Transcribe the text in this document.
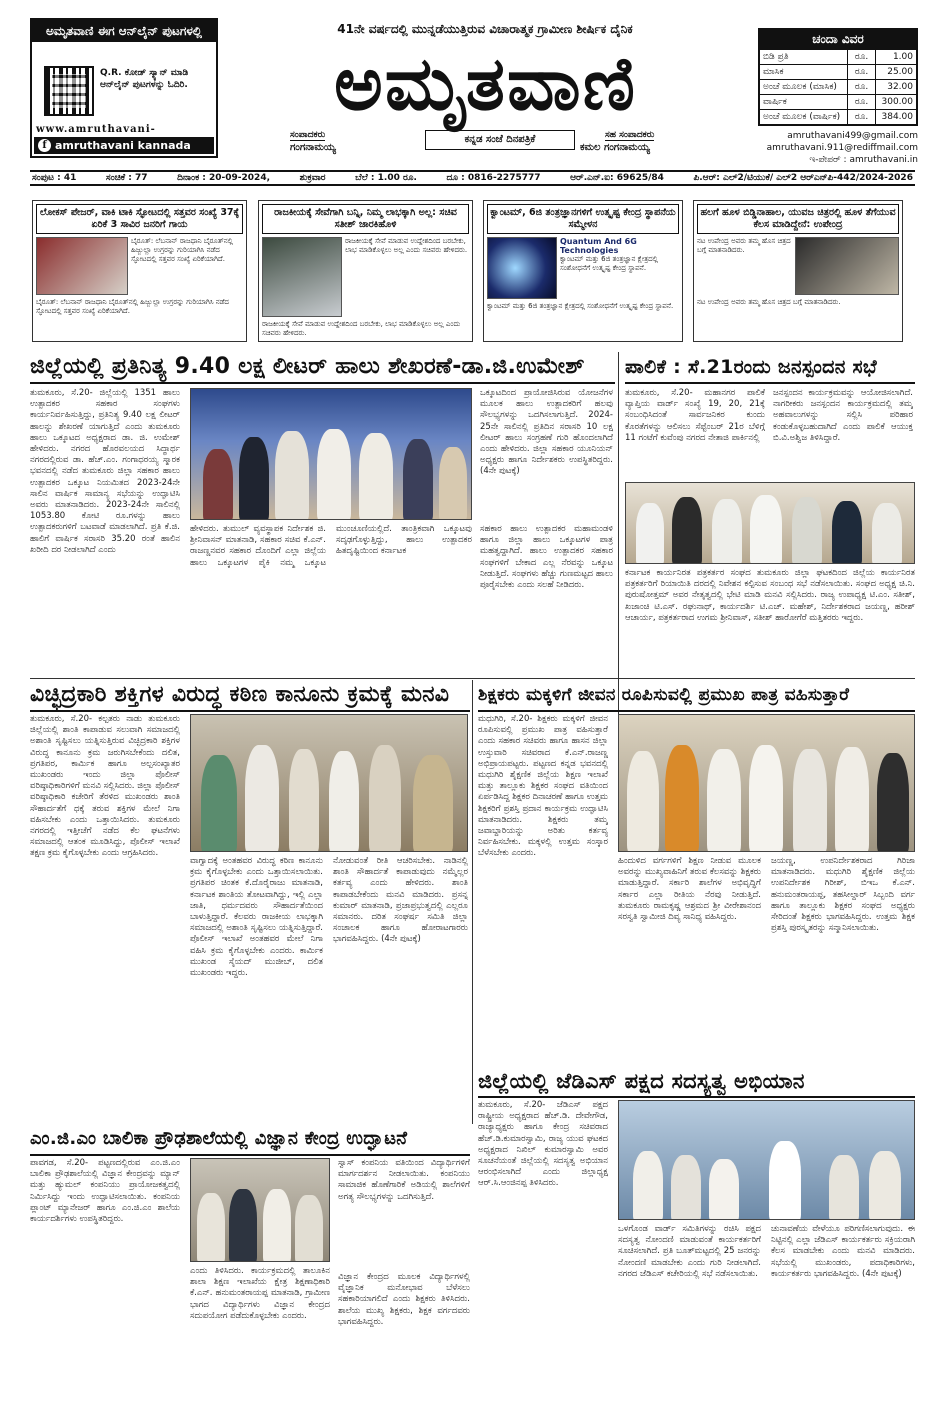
ಅಮೃತವಾಣಿ ಈಗ ಆನ್‌ಲೈನ್ ಪುಟಗಳಲ್ಲಿ
Q.R. ಕೋಡ್ ಸ್ಕ್ಯಾನ್ ಮಾಡಿ ಆನ್‌ಲೈನ್ ಪುಟಗಳನ್ನು ಓದಿರಿ.
www.amruthavani-
f amruthavani kannada
41ನೇ ವರ್ಷದಲ್ಲಿ ಮುನ್ನಡೆಯುತ್ತಿರುವ ವಿಚಾರಾತ್ಮಕ ಗ್ರಾಮೀಣ ಶೀರ್ಷಿಕ ದೈನಿಕ
ಅಮೃತವಾಣಿ
ಸಂಪಾದಕರು
ಗಂಗನಾಮಯ್ಯ
ಸಹ ಸಂಪಾದಕರು
ಕಮಲ ಗಂಗನಾಮಯ್ಯ
ಕನ್ನಡ ಸಂಜೆ ದಿನಪತ್ರಿಕೆ
ಚಂದಾ ವಿವರ
ಬಿಡಿ ಪ್ರತಿ	ರೂ.	1.00
ಮಾಸಿಕ	ರೂ.	25.00
ಅಂಚೆ ಮೂಲಕ (ಮಾಸಿಕ)	ರೂ.	32.00
ವಾರ್ಷಿಕ	ರೂ.	300.00
ಅಂಚೆ ಮೂಲಕ (ವಾರ್ಷಿಕ)	ರೂ.	384.00
amruthavani499@gmail.com
amruthavani.911@rediffmail.com
ಇ-ಪೇಪರ್ : amruthavani.in
ಸಂಪುಟ : 41	ಸಂಚಿಕೆ : 77	ದಿನಾಂಕ : 20-09-2024,	ಶುಕ್ರವಾರ	ಬೆಲೆ : 1.00 ರೂ.	ದೂ : 0816-2275777	ಆರ್.ಎನ್.ಐ: 69625/84	ಪಿ.ಆರ್: ಎಲ್2/ಟಿಯುಕೆ/ ಎಲ್2 ಆರ್‌ಎನ್‌ಪಿ-442/2024-2026
ಲೋಕಸ್ ಪೇಜರ್, ವಾಕಿ ಟಾಕಿ ಸ್ಫೋಟದಲ್ಲಿ ಸತ್ತವರ ಸಂಖ್ಯೆ 37ಕ್ಕೆ ಏರಿಕೆ 3 ಸಾವಿರ ಜನರಿಗೆ ಗಾಯ
ಬೈರೂತ್: ಲೆಬನಾನ್ ರಾಜಧಾನಿ ಬೈರೂತ್‌ನಲ್ಲಿ ಹಿಜ್ಬುಲ್ಲಾ ಉಗ್ರರನ್ನು ಗುರಿಯಾಗಿಸಿ ನಡೆದ ಸ್ಫೋಟದಲ್ಲಿ ಸತ್ತವರ ಸಂಖ್ಯೆ ಏರಿಕೆಯಾಗಿದೆ.
ಬೈರೂತ್: ಲೆಬನಾನ್ ರಾಜಧಾನಿ ಬೈರೂತ್‌ನಲ್ಲಿ ಹಿಜ್ಬುಲ್ಲಾ ಉಗ್ರರನ್ನು ಗುರಿಯಾಗಿಸಿ ನಡೆದ ಸ್ಫೋಟದಲ್ಲಿ ಸತ್ತವರ ಸಂಖ್ಯೆ ಏರಿಕೆಯಾಗಿದೆ.
ರಾಜಕೀಯಕ್ಕೆ ಸೇವೆಗಾಗಿ ಬನ್ನಿ, ನಿಮ್ಮ ಲಾಭಕ್ಕಾಗಿ ಅಲ್ಲ: ಸಚಿವ ಸತೀಶ್ ಜಾರಕಿಹೊಳಿ
ರಾಜಕೀಯಕ್ಕೆ ಸೇವೆ ಮಾಡುವ ಉದ್ದೇಶದಿಂದ ಬರಬೇಕು, ಲಾಭ ಮಾಡಿಕೊಳ್ಳಲು ಅಲ್ಲ ಎಂದು ಸಚಿವರು ಹೇಳಿದರು.
ರಾಜಕೀಯಕ್ಕೆ ಸೇವೆ ಮಾಡುವ ಉದ್ದೇಶದಿಂದ ಬರಬೇಕು, ಲಾಭ ಮಾಡಿಕೊಳ್ಳಲು ಅಲ್ಲ ಎಂದು ಸಚಿವರು ಹೇಳಿದರು.
ಕ್ವಾಂಟಮ್, 6ಜಿ ತಂತ್ರಜ್ಞಾನಗಳಿಗೆ ಉತ್ಕೃಷ್ಟ ಕೇಂದ್ರ ಸ್ಥಾಪನೆಯ ಸಮ್ಮೇಳನ
Quantum And 6G Technologies
ಕ್ವಾಂಟಮ್ ಮತ್ತು 6ಜಿ ತಂತ್ರಜ್ಞಾನ ಕ್ಷೇತ್ರದಲ್ಲಿ ಸಂಶೋಧನೆಗೆ ಉತ್ಕೃಷ್ಟ ಕೇಂದ್ರ ಸ್ಥಾಪನೆ.
ಕ್ವಾಂಟಮ್ ಮತ್ತು 6ಜಿ ತಂತ್ರಜ್ಞಾನ ಕ್ಷೇತ್ರದಲ್ಲಿ ಸಂಶೋಧನೆಗೆ ಉತ್ಕೃಷ್ಟ ಕೇಂದ್ರ ಸ್ಥಾಪನೆ.
ಹಲಗೆ ಹೂಳ ಬಿಡ್ಡಿನಾಹಾಲ, ಯುವಜ ಚಿತ್ರರಲ್ಲಿ ಹೂಳ ತೆಗೆಯುವ ಕೆಲಸ ಮಾಡಿದ್ದೇನೆ: ಉಪೇಂದ್ರ
ನಟ ಉಪೇಂದ್ರ ಅವರು ತಮ್ಮ ಹೊಸ ಚಿತ್ರದ ಬಗ್ಗೆ ಮಾತನಾಡಿದರು.
ನಟ ಉಪೇಂದ್ರ ಅವರು ತಮ್ಮ ಹೊಸ ಚಿತ್ರದ ಬಗ್ಗೆ ಮಾತನಾಡಿದರು.
ಜಿಲ್ಲೆಯಲ್ಲಿ ಪ್ರತಿನಿತ್ಯ 9.40 ಲಕ್ಷ ಲೀಟರ್ ಹಾಲು ಶೇಖರಣೆ-ಡಾ.ಜಿ.ಉಮೇಶ್
ತುಮಕೂರು, ಸೆ.20- ಜಿಲ್ಲೆಯಲ್ಲಿ 1351 ಹಾಲು ಉತ್ಪಾದಕರ ಸಹಕಾರ ಸಂಘಗಳು ಕಾರ್ಯನಿರ್ವಹಿಸುತ್ತಿದ್ದು, ಪ್ರತಿನಿತ್ಯ 9.40 ಲಕ್ಷ ಲೀಟರ್ ಹಾಲನ್ನು ಶೇಖರಣೆ ಯಾಗುತ್ತಿದೆ ಎಂದು ತುಮಕೂರು ಹಾಲು ಒಕ್ಕೂಟದ ಅಧ್ಯಕ್ಷರಾದ ಡಾ. ಜಿ. ಉಮೇಶ್ ಹೇಳಿದರು. ನಗರದ ಹೊರವಲಯದ ಸಿದ್ಧಾರ್ಥ ನಗರದಲ್ಲಿರುವ ಡಾ. ಹೆಚ್.ಎಂ. ಗಂಗಾಧರಯ್ಯ ಸ್ಮಾರಕ ಭವನದಲ್ಲಿ ನಡೆದ ತುಮಕೂರು ಜಿಲ್ಲಾ ಸಹಕಾರ ಹಾಲು ಉತ್ಪಾದಕರ ಒಕ್ಕೂಟ ನಿಯಮಿತದ 2023-24ನೇ ಸಾಲಿನ ವಾರ್ಷಿಕ ಸಾಮಾನ್ಯ ಸಭೆಯನ್ನು ಉದ್ಘಾಟಿಸಿ ಅವರು ಮಾತನಾಡಿದರು. 2023-24ನೇ ಸಾಲಿನಲ್ಲಿ 1053.80 ಕೋಟಿ ರೂ.ಗಳನ್ನು ಹಾಲು ಉತ್ಪಾದಕರುಗಳಿಗೆ ಬಟವಾಡೆ ಮಾಡಲಾಗಿದೆ. ಪ್ರತಿ ಕೆ.ಜಿ. ಹಾಲಿಗೆ ವಾರ್ಷಿಕ ಸರಾಸರಿ 35.20 ರಂತೆ ಹಾಲಿನ ಖರೀದಿ ದರ ನೀಡಲಾಗಿದೆ ಎಂದು
ಹೇಳಿದರು. ತುಮುಲ್ ವ್ಯವಸ್ಥಾಪಕ ನಿರ್ದೇಶಕ ಜಿ. ಶ್ರೀನಿವಾಸನ್ ಮಾತನಾಡಿ, ಸಹಕಾರ ಸಚಿವ ಕೆ.ಎನ್. ರಾಜಣ್ಣನವರ ಸಹಕಾರ ದೊಂದಿಗೆ ಎಲ್ಲಾ ಜಿಲ್ಲೆಯ ಹಾಲು ಒಕ್ಕೂಟಗಳ ಪೈಕಿ ನಮ್ಮ ಒಕ್ಕೂಟ ಮುಂಚೂಣಿಯಲ್ಲಿದೆ. ತಾಂತ್ರಿಕವಾಗಿ ಒಕ್ಕೂಟವು ಸದೃಢಗೊಳ್ಳುತ್ತಿದ್ದು, ಹಾಲು ಉತ್ಪಾದಕರ ಹಿತದೃಷ್ಟಿಯಿಂದ ಕರ್ನಾಟಕ
ಒಕ್ಕೂಟದಿಂದ ಪ್ರಾಯೋಜಿಸಿರುವ ಯೋಜನೆಗಳ ಮೂಲಕ ಹಾಲು ಉತ್ಪಾದಕರಿಗೆ ಹಲವು ಸೌಲಭ್ಯಗಳನ್ನು ಒದಗಿಸಲಾಗುತ್ತಿದೆ. 2024-25ನೇ ಸಾಲಿನಲ್ಲಿ ಪ್ರತಿದಿನ ಸರಾಸರಿ 10 ಲಕ್ಷ ಲೀಟರ್ ಹಾಲು ಸಂಗ್ರಹಣೆ ಗುರಿ ಹೊಂದಲಾಗಿದೆ ಎಂದು ಹೇಳಿದರು. ಜಿಲ್ಲಾ ಸಹಕಾರ ಯೂನಿಯನ್ ಅಧ್ಯಕ್ಷರು ಹಾಗೂ ನಿರ್ದೇಶಕರು ಉಪಸ್ಥಿತರಿದ್ದರು. (4ನೇ ಪುಟಕ್ಕೆ)
ಸಹಕಾರ ಹಾಲು ಉತ್ಪಾದಕರ ಮಹಾಮಂಡಳಿ ಹಾಗೂ ಜಿಲ್ಲಾ ಹಾಲು ಒಕ್ಕೂಟಗಳ ಪಾತ್ರ ಮಹತ್ವದ್ದಾಗಿದೆ. ಹಾಲು ಉತ್ಪಾದಕರ ಸಹಕಾರ ಸಂಘಗಳಿಗೆ ಬೇಕಾದ ಎಲ್ಲ ನೆರವನ್ನು ಒಕ್ಕೂಟ ನೀಡುತ್ತಿದೆ. ಸಂಘಗಳು ಹೆಚ್ಚು ಗುಣಮಟ್ಟದ ಹಾಲು ಪೂರೈಸಬೇಕು ಎಂದು ಸಲಹೆ ನೀಡಿದರು.
ಪಾಲಿಕೆ : ಸೆ.21ರಂದು ಜನಸ್ಪಂದನ ಸಭೆ
ತುಮಕೂರು, ಸೆ.20- ಮಹಾನಗರ ಪಾಲಿಕೆ ವ್ಯಾಪ್ತಿಯ ವಾರ್ಡ್ ಸಂಖ್ಯೆ 19, 20, 21ಕ್ಕೆ ಸಂಬಂಧಿಸಿದಂತೆ ಸಾರ್ವಜನಿಕರ ಕುಂದು ಕೊರತೆಗಳನ್ನು ಆಲಿಸಲು ಸೆಪ್ಟೆಂಬರ್ 21ರ ಬೆಳಿಗ್ಗೆ 11 ಗಂಟೆಗೆ ಕುವೆಂಪು ನಗರದ ನೇತಾಜಿ ಪಾರ್ಕಿನಲ್ಲಿ
ಜನಸ್ಪಂದನ ಕಾರ್ಯಕ್ರಮವನ್ನು ಆಯೋಜಿಸಲಾಗಿದೆ. ನಾಗರೀಕರು ಜನಸ್ಪಂದನ ಕಾರ್ಯಕ್ರಮದಲ್ಲಿ ತಮ್ಮ ಅಹವಾಲುಗಳನ್ನು ಸಲ್ಲಿಸಿ ಪರಿಹಾರ ಕಂಡುಕೊಳ್ಳಬಹುದಾಗಿದೆ ಎಂದು ಪಾಲಿಕೆ ಆಯುಕ್ತ ಬಿ.ವಿ.ಅಶ್ವಿಜ ತಿಳಿಸಿದ್ದಾರೆ.
ಕರ್ನಾಟಕ ಕಾರ್ಯನಿರತ ಪತ್ರಕರ್ತರ ಸಂಘದ ತುಮಕೂರು ಜಿಲ್ಲಾ ಘಟಕದಿಂದ ಜಿಲ್ಲೆಯ ಕಾರ್ಯನಿರತ ಪತ್ರಕರ್ತರಿಗೆ ರಿಯಾಯಿತಿ ದರದಲ್ಲಿ ನಿವೇಶನ ಕಲ್ಪಿಸುವ ಸಂಬಂಧ ಸಭೆ ನಡೆಸಲಾಯಿತು. ಸಂಘದ ಅಧ್ಯಕ್ಷ ಚಿ.ನಿ. ಪುರುಷೋತ್ತಮ್ ಅವರ ನೇತೃತ್ವದಲ್ಲಿ ಭೇಟಿ ಮಾಡಿ ಮನವಿ ಸಲ್ಲಿಸಿದರು. ರಾಜ್ಯ ಉಪಾಧ್ಯಕ್ಷ ಟಿ.ಎಂ. ಸತೀಶ್, ಖಜಾಂಚಿ ಟಿ.ಎಸ್. ರಘುನಾಥ್, ಕಾರ್ಯದರ್ಶಿ ಟಿ.ಎಚ್. ಮಹೇಶ್, ನಿರ್ದೇಶಕರಾದ ಜಯಣ್ಣ, ಹರೀಶ್ ಆಚಾರ್ಯ, ಪತ್ರಕರ್ತರಾದ ಉಗಮ ಶ್ರೀನಿವಾಸ್, ಸತೀಶ್ ಹಾರೋಗೆರೆ ಮತ್ತಿತರರು ಇದ್ದರು.
ವಿಚ್ಛಿದ್ರಕಾರಿ ಶಕ್ತಿಗಳ ವಿರುದ್ಧ ಕಠಿಣ ಕಾನೂನು ಕ್ರಮಕ್ಕೆ ಮನವಿ
ತುಮಕೂರು, ಸೆ.20- ಕಲ್ಪತರು ನಾಡು ತುಮಕೂರು ಜಿಲ್ಲೆಯಲ್ಲಿ ಶಾಂತಿ ಕಾಪಾಡುವ ಸಲುವಾಗಿ ಸಮಾಜದಲ್ಲಿ ಅಶಾಂತಿ ಸೃಷ್ಟಿಸಲು ಯತ್ನಿಸುತ್ತಿರುವ ವಿಚ್ಛಿದ್ರಕಾರಿ ಶಕ್ತಿಗಳ ವಿರುದ್ಧ ಕಾನೂನು ಕ್ರಮ ಜರುಗಿಸಬೇಕೆಂದು ದಲಿತ, ಪ್ರಗತಿಪರ, ಕಾರ್ಮಿಕ ಹಾಗೂ ಅಲ್ಪಸಂಖ್ಯಾತರ ಮುಖಂಡರು ಇಂದು ಜಿಲ್ಲಾ ಪೊಲೀಸ್ ವರಿಷ್ಠಾಧಿಕಾರಿಗಳಿಗೆ ಮನವಿ ಸಲ್ಲಿಸಿದರು. ಜಿಲ್ಲಾ ಪೊಲೀಸ್ ವರಿಷ್ಠಾಧಿಕಾರಿ ಕಚೇರಿಗೆ ತೆರಳಿದ ಮುಖಂಡರು ಶಾಂತಿ ಸೌಹಾರ್ದತೆಗೆ ಧಕ್ಕೆ ತರುವ ಶಕ್ತಿಗಳ ಮೇಲೆ ನಿಗಾ ವಹಿಸಬೇಕು ಎಂದು ಒತ್ತಾಯಿಸಿದರು. ತುಮಕೂರು ನಗರದಲ್ಲಿ ಇತ್ತೀಚೆಗೆ ನಡೆದ ಕೆಲ ಘಟನೆಗಳು ಸಮಾಜದಲ್ಲಿ ಆತಂಕ ಮೂಡಿಸಿದ್ದು, ಪೊಲೀಸ್ ಇಲಾಖೆ ತಕ್ಷಣ ಕ್ರಮ ಕೈಗೊಳ್ಳಬೇಕು ಎಂದು ಆಗ್ರಹಿಸಿದರು.
ವಾಗ್ವಾದಕ್ಕೆ ಅಂತಹವರ ವಿರುದ್ಧ ಕಠಿಣ ಕಾನೂನು ಕ್ರಮ ಕೈಗೊಳ್ಳಬೇಕು ಎಂದು ಒತ್ತಾಯಿಸಲಾಯಿತು. ಪ್ರಗತಿಪರ ಚಿಂತಕ ಕೆ.ದೊರೈರಾಜು ಮಾತನಾಡಿ, ಕರ್ನಾಟಕ ಶಾಂತಿಯ ತೋಟವಾಗಿದ್ದು, ಇಲ್ಲಿ ಎಲ್ಲಾ ಜಾತಿ, ಧರ್ಮದವರು ಸೌಹಾರ್ದತೆಯಿಂದ ಬಾಳುತ್ತಿದ್ದಾರೆ. ಕೆಲವರು ರಾಜಕೀಯ ಲಾಭಕ್ಕಾಗಿ ಸಮಾಜದಲ್ಲಿ ಅಶಾಂತಿ ಸೃಷ್ಟಿಸಲು ಯತ್ನಿಸುತ್ತಿದ್ದಾರೆ. ಪೊಲೀಸ್ ಇಲಾಖೆ ಅಂತಹವರ ಮೇಲೆ ನಿಗಾ ವಹಿಸಿ ಕ್ರಮ ಕೈಗೊಳ್ಳಬೇಕು ಎಂದರು. ಕಾರ್ಮಿಕ ಮುಖಂಡ ಸೈಯದ್ ಮುಜೀಬ್, ದಲಿತ ಮುಖಂಡರು ಇದ್ದರು.
ನೋಡುವಂತೆ ರೀತಿ ಆಚರಿಸಬೇಕು. ನಾಡಿನಲ್ಲಿ ಶಾಂತಿ ಸೌಹಾರ್ದತೆ ಕಾಪಾಡುವುದು ನಮ್ಮೆಲ್ಲರ ಕರ್ತವ್ಯ ಎಂದು ಹೇಳಿದರು. ಶಾಂತಿ ಕಾಪಾಡಬೇಕೆಂದು ಮನವಿ ಮಾಡಿದರು. ಪ್ರಸನ್ನ ಕುಮಾರ್ ಮಾತನಾಡಿ, ಪ್ರಜಾಪ್ರಭುತ್ವದಲ್ಲಿ ಎಲ್ಲರೂ ಸಮಾನರು. ದರಿತ ಸಂಘರ್ಷ ಸಮಿತಿ ಜಿಲ್ಲಾ ಸಂಚಾಲಕ ಹಾಗೂ ಹೋರಾಟಗಾರರು ಭಾಗವಹಿಸಿದ್ದರು. (4ನೇ ಪುಟಕ್ಕೆ)
ಶಿಕ್ಷಕರು ಮಕ್ಕಳಿಗೆ ಜೀವನ ರೂಪಿಸುವಲ್ಲಿ ಪ್ರಮುಖ ಪಾತ್ರ ವಹಿಸುತ್ತಾರೆ
ಮಧುಗಿರಿ, ಸೆ.20- ಶಿಕ್ಷಕರು ಮಕ್ಕಳಿಗೆ ಜೀವನ ರೂಪಿಸುವಲ್ಲಿ ಪ್ರಮುಖ ಪಾತ್ರ ವಹಿಸುತ್ತಾರೆ ಎಂದು ಸಹಕಾರ ಸಚಿವರು ಹಾಗೂ ಹಾಸನ ಜಿಲ್ಲಾ ಉಸ್ತುವಾರಿ ಸಚಿವರಾದ ಕೆ.ಎನ್.ರಾಜಣ್ಣ ಅಭಿಪ್ರಾಯಪಟ್ಟರು. ಪಟ್ಟಣದ ಕನ್ನಡ ಭವನದಲ್ಲಿ ಮಧುಗಿರಿ ಶೈಕ್ಷಣಿಕ ಜಿಲ್ಲೆಯ ಶಿಕ್ಷಣ ಇಲಾಖೆ ಮತ್ತು ತಾಲ್ಲೂಕು ಶಿಕ್ಷಕರ ಸಂಘದ ವತಿಯಿಂದ ಏರ್ಪಡಿಸಿದ್ದ ಶಿಕ್ಷಕರ ದಿನಾಚರಣೆ ಹಾಗೂ ಉತ್ತಮ ಶಿಕ್ಷಕರಿಗೆ ಪ್ರಶಸ್ತಿ ಪ್ರದಾನ ಕಾರ್ಯಕ್ರಮ ಉದ್ಘಾಟಿಸಿ ಮಾತನಾಡಿದರು. ಶಿಕ್ಷಕರು ತಮ್ಮ ಜವಾಬ್ದಾರಿಯನ್ನು ಅರಿತು ಕರ್ತವ್ಯ ನಿರ್ವಹಿಸಬೇಕು. ಮಕ್ಕಳಲ್ಲಿ ಉತ್ತಮ ಸಂಸ್ಕಾರ ಬೆಳೆಸಬೇಕು ಎಂದರು.
ಹಿಂದುಳಿದ ವರ್ಗಗಳಿಗೆ ಶಿಕ್ಷಣ ನೀಡುವ ಮೂಲಕ ಅವರನ್ನು ಮುಖ್ಯವಾಹಿನಿಗೆ ತರುವ ಕೆಲಸವನ್ನು ಶಿಕ್ಷಕರು ಮಾಡುತ್ತಿದ್ದಾರೆ. ಸರ್ಕಾರಿ ಶಾಲೆಗಳ ಅಭಿವೃದ್ಧಿಗೆ ಸರ್ಕಾರ ಎಲ್ಲಾ ರೀತಿಯ ನೆರವು ನೀಡುತ್ತಿದೆ. ತುಮಕೂರು ರಾಮಕೃಷ್ಣ ಆಶ್ರಮದ ಶ್ರೀ ವೀರೇಶಾನಂದ ಸರಸ್ವತಿ ಸ್ವಾಮೀಜಿ ದಿವ್ಯ ಸಾನಿಧ್ಯ ವಹಿಸಿದ್ದರು.
ಜಯಣ್ಣ, ಉಪನಿರ್ದೇಶಕರಾದ ಗಿರಿಜಾ ಮಾತನಾಡಿದರು. ಮಧುಗಿರಿ ಶೈಕ್ಷಣಿಕ ಜಿಲ್ಲೆಯ ಉಪನಿರ್ದೇಶಕ ಗಿರೀಶ್, ಬಿಇಒ ಕೆ.ಎನ್. ಹನುಮಂತರಾಯಪ್ಪ, ತಹಸೀಲ್ದಾರ್ ಸಿಬ್ಬಂದಿ ವರ್ಗ ಹಾಗೂ ತಾಲ್ಲೂಕು ಶಿಕ್ಷಕರ ಸಂಘದ ಅಧ್ಯಕ್ಷರು ಸೇರಿದಂತೆ ಶಿಕ್ಷಕರು ಭಾಗವಹಿಸಿದ್ದರು. ಉತ್ತಮ ಶಿಕ್ಷಕ ಪ್ರಶಸ್ತಿ ಪುರಸ್ಕೃತರನ್ನು ಸನ್ಮಾನಿಸಲಾಯಿತು.
ಜಿಲ್ಲೆಯಲ್ಲಿ ಜೆಡಿಎಸ್ ಪಕ್ಷದ ಸದಸ್ಯತ್ವ ಅಭಿಯಾನ
ತುಮಕೂರು, ಸೆ.20- ಜೆಡಿಎಸ್ ಪಕ್ಷದ ರಾಷ್ಟ್ರೀಯ ಅಧ್ಯಕ್ಷರಾದ ಹೆಚ್.ಡಿ. ದೇವೇಗೌಡ, ರಾಜ್ಯಾಧ್ಯಕ್ಷರು ಹಾಗೂ ಕೇಂದ್ರ ಸಚಿವರಾದ ಹೆಚ್.ಡಿ.ಕುಮಾರಸ್ವಾಮಿ, ರಾಜ್ಯ ಯುವ ಘಟಕದ ಅಧ್ಯಕ್ಷರಾದ ನಿಖಿಲ್ ಕುಮಾರಸ್ವಾಮಿ ಅವರ ಸೂಚನೆಯಂತೆ ಜಿಲ್ಲೆಯಲ್ಲಿ ಸದಸ್ಯತ್ವ ಅಭಿಯಾನ ಆರಂಭಿಸಲಾಗಿದೆ ಎಂದು ಜಿಲ್ಲಾಧ್ಯಕ್ಷ ಆರ್.ಸಿ.ಆಂಜಿನಪ್ಪ ತಿಳಿಸಿದರು.
ಒಳಗೊಂಡ ವಾರ್ಡ್ ಸಮಿತಿಗಳನ್ನು ರಚಿಸಿ ಪಕ್ಷದ ಸದಸ್ಯತ್ವ ನೋಂದಣಿ ಮಾಡುವಂತೆ ಕಾರ್ಯಕರ್ತರಿಗೆ ಸೂಚಿಸಲಾಗಿದೆ. ಪ್ರತಿ ಬೂತ್‌ಮಟ್ಟದಲ್ಲಿ 25 ಜನರನ್ನು ನೋಂದಣಿ ಮಾಡಬೇಕು ಎಂದು ಗುರಿ ನೀಡಲಾಗಿದೆ. ನಗರದ ಜೆಡಿಎಸ್ ಕಚೇರಿಯಲ್ಲಿ ಸಭೆ ನಡೆಸಲಾಯಿತು.
ಚುನಾವಣೆಯ ವೇಳೆಯೂ ಪರಿಗಣಿಸಲಾಗುವುದು. ಈ ನಿಟ್ಟಿನಲ್ಲಿ ಎಲ್ಲಾ ಜೆಡಿಎಸ್ ಕಾರ್ಯಕರ್ತರು ಸಕ್ರಿಯರಾಗಿ ಕೆಲಸ ಮಾಡಬೇಕು ಎಂದು ಮನವಿ ಮಾಡಿದರು. ಸಭೆಯಲ್ಲಿ ಮುಖಂಡರು, ಪದಾಧಿಕಾರಿಗಳು, ಕಾರ್ಯಕರ್ತರು ಭಾಗವಹಿಸಿದ್ದರು. (4ನೇ ಪುಟಕ್ಕೆ)
ಎಂ.ಜಿ.ಎಂ ಬಾಲಿಕಾ ಪ್ರೌಢಶಾಲೆಯಲ್ಲಿ ವಿಜ್ಞಾನ ಕೇಂದ್ರ ಉದ್ಘಾಟನೆ
ಪಾವಗಡ, ಸೆ.20- ಪಟ್ಟಣದಲ್ಲಿರುವ ಎಂ.ಜಿ.ಎಂ ಬಾಲಿಕಾ ಪ್ರೌಢಶಾಲೆಯಲ್ಲಿ ವಿಜ್ಞಾನ ಕೇಂದ್ರವನ್ನು ಮ್ಯಾನ್ ಮತ್ತು ಹ್ಯುಮಲ್ ಕಂಪನಿಯು ಪ್ರಾಯೋಜಕತ್ವದಲ್ಲಿ ನಿರ್ಮಿಸಿದ್ದು ಇಂದು ಉದ್ಘಾಟಿಸಲಾಯಿತು. ಕಂಪನಿಯ ಪ್ಲಾಂಟ್ ಮ್ಯಾನೇಜರ್ ಹಾಗೂ ಎಂ.ಜಿ.ಎಂ ಶಾಲೆಯ ಕಾರ್ಯದರ್ಶಿಗಳು ಉಪಸ್ಥಿತರಿದ್ದರು.
ಎಂದು ತಿಳಿಸಿದರು. ಕಾರ್ಯಕ್ರಮದಲ್ಲಿ ತಾಲೂಕಿನ ಶಾಲಾ ಶಿಕ್ಷಣ ಇಲಾಖೆಯ ಕ್ಷೇತ್ರ ಶಿಕ್ಷಣಾಧಿಕಾರಿ ಕೆ.ಎನ್. ಹನುಮಂತರಾಯಪ್ಪ ಮಾತನಾಡಿ, ಗ್ರಾಮೀಣ ಭಾಗದ ವಿದ್ಯಾರ್ಥಿಗಳು ವಿಜ್ಞಾನ ಕೇಂದ್ರದ ಸದುಪಯೋಗ ಪಡೆದುಕೊಳ್ಳಬೇಕು ಎಂದರು.
ಸ್ವಾಸ್ ಕಂಪನಿಯ ವತಿಯಿಂದ ವಿದ್ಯಾರ್ಥಿಗಳಿಗೆ ಮಾರ್ಗದರ್ಶನ ನೀಡಲಾಯಿತು. ಕಂಪನಿಯು ಸಾಮಾಜಿಕ ಹೊಣೆಗಾರಿಕೆ ಅಡಿಯಲ್ಲಿ ಶಾಲೆಗಳಿಗೆ ಅಗತ್ಯ ಸೌಲಭ್ಯಗಳನ್ನು ಒದಗಿಸುತ್ತಿದೆ.
ವಿಜ್ಞಾನ ಕೇಂದ್ರದ ಮೂಲಕ ವಿದ್ಯಾರ್ಥಿಗಳಲ್ಲಿ ವೈಜ್ಞಾನಿಕ ಮನೋಭಾವ ಬೆಳೆಸಲು ಸಹಕಾರಿಯಾಗಲಿದೆ ಎಂದು ಶಿಕ್ಷಕರು ತಿಳಿಸಿದರು. ಶಾಲೆಯ ಮುಖ್ಯ ಶಿಕ್ಷಕರು, ಶಿಕ್ಷಕ ವರ್ಗದವರು ಭಾಗವಹಿಸಿದ್ದರು.
